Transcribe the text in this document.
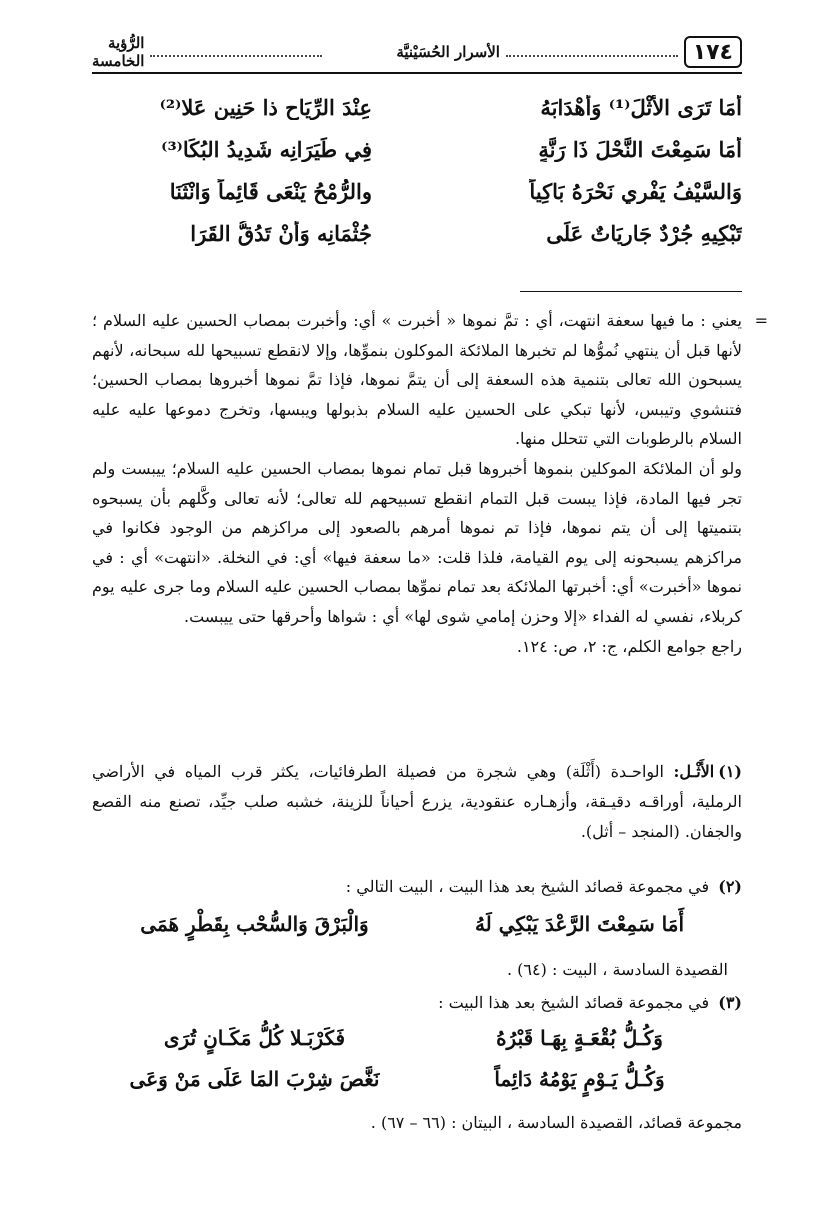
١٧٤
الأسرار الحُسَيْنيَّة
الرُّؤية الخامسة
أَمَا تَرَى الأَثْلَ⁽¹⁾ وَأَهْدَابَهُ
عِنْدَ الرِّيَاحِ ذا حَنِينٍ عَلا⁽²⁾
أَمَا سَمِعْتَ النَّحْلَ ذَا رَنَّةٍ
فِي طَيَرَانِه شَدِيدُ البُكَا⁽³⁾
وَالسَّيْفُ يَفْرِي نَحْرَهُ بَاكِياً
والرُّمْحُ يَنْعَى قَائِماً وَانْثَنَا
تَبْكِيهِ جُرْدٌ جَارِيَاتٌ عَلَى
جُثْمَانِه وَأَنْ تَدُقُّ القَرَا
=

يعني : ما فيها سعفة انتهت، أي : تمَّ نموها « أخبرت » أي: وأخبرت بمصاب الحسين عليه السلام ؛ لأنها قبل أن ينتهي نُموُّها لم تخبرها الملائكة الموكلون بنموِّها، وإلا لانقطع تسبيحها لله سبحانه، لأنهم يسبحون الله تعالى بتنمية هذه السعفة إلى أن يتمَّ نموها، فإذا تمَّ نموها أخبروها بمصاب الحسين؛ فتنشوي وتيبس، لأنها تبكي على الحسين عليه السلام بذبولها ويبسها، وتخرج دموعها عليه عليه السلام بالرطوبات التي تتحلل منها.

ولو أن الملائكة الموكلين بنموها أخبروها قبل تمام نموها بمصاب الحسين عليه السلام؛ ييبست ولم تجر فيها المادة، فإذا يبست قبل التمام انقطع تسبيحهم لله تعالى؛ لأنه تعالى وكَّلهم بأن يسبحوه بتنميتها إلى أن يتم نموها، فإذا تم نموها أمرهم بالصعود إلى مراكزهم من الوجود فكانوا في مراكزهم يسبحونه إلى يوم القيامة، فلذا قلت: «ما سعفة فيها» أي: في النخلة. «انتهت» أي : في نموها «أخبرت» أي: أخبرتها الملائكة بعد تمام نموِّها بمصاب الحسين عليه السلام وما جرى عليه يوم كربلاء، نفسي له الفداء «إلا وحزن إمامي شوى لها» أي : شواها وأحرقها حتى ييبست.

راجع جوامع الكلم، ج: ٢، ص: ١٢٤.

(١)الأَثْـل: الواحـدة (أَثْلَة) وهي شجرة من فصيلة الطرفائيات، يكثر قرب المياه في الأراضي الرملية، أوراقـه دقيـقة، وأزهـاره عنقودية، يزرع أحياناً للزينة، خشبه صلب جيِّد، تصنع منه القصع والجفان. (المنجد – أثل).
(٢) في مجموعة قصائد الشيخ بعد هذا البيت ، البيت التالي :
أَمَا سَمِعْتَ الرَّعْدَ يَبْكِي لَهُ
وَالْبَرْقَ وَالسُّحْب بِقَطْرٍ هَمَى
القصيدة السادسة ، البيت : (٦٤) .
(٣) في مجموعة قصائد الشيخ بعد هذا البيت :
وَكُـلُّ بُقْعَـةٍ بِهَـا قَبْرُهُ
فَكَرْبَـلا كُلُّ مَكَـانٍ تُرَى
وَكُـلُّ يَـوْمٍ يَوْمُهُ دَائِماً
نَغَّصَ شِرْبَ المَا عَلَى مَنْ وَعَى
مجموعة قصائد، القصيدة السادسة ، البيتان : (٦٦ – ٦٧) .
